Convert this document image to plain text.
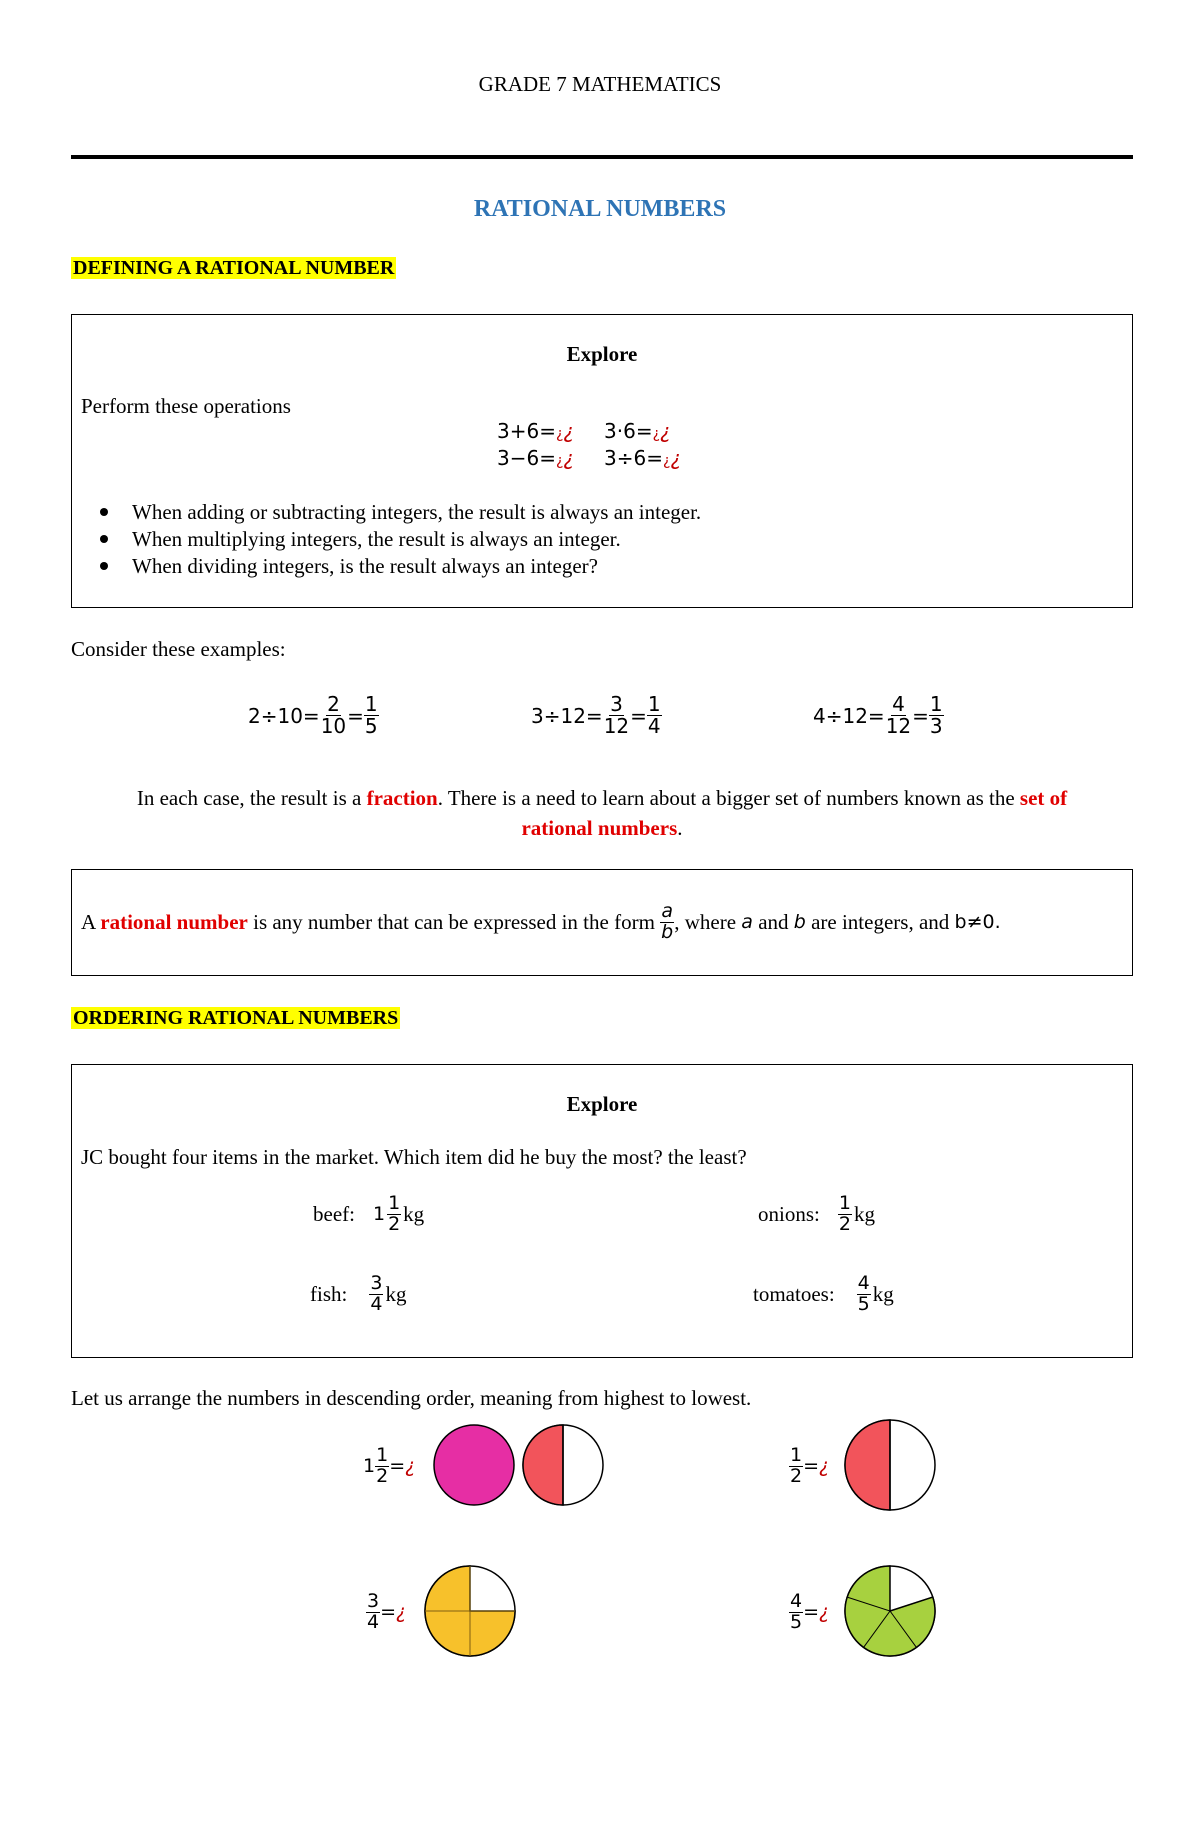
GRADE 7 MATHEMATICS
RATIONAL NUMBERS
DEFINING A RATIONAL NUMBER
Explore
Perform these operations
3+6=¿¿ 3·6=¿¿
3−6=¿¿ 3÷6=¿¿
When adding or subtracting integers, the result is always an integer.
When multiplying integers, the result is always an integer.
When dividing integers, is the result always an integer?
Consider these examples:
$2\div 10= \frac{2}{10} = \frac{1}{5}$	$3\div 12= \frac{3}{12} = \frac{1}{4}$	$4\div 12= \frac{4}{12} = \frac{1}{3}$
In each case, the result is a fraction. There is a need to learn about a bigger set of numbers known as the set of
rational numbers.
A rational number is any number that can be expressed in the form $\frac{a}{b}$ , where a and b are integers, and b≠0.
ORDERING RATIONAL NUMBERS
Explore
JC bought four items in the market. Which item did he buy the most? the least?
beef: $1 \frac{1}{2}$ kg	onions: $\frac{1}{2}$ kg
fish: $\frac{3}{4}$ kg	tomatoes: $\frac{4}{5}$ kg
Let us arrange the numbers in descending order, meaning from highest to lowest.
$1 \frac{1}{2}$ = ¿	$\frac{1}{2}$ = ¿
$\frac{3}{4}$ = ¿	$\frac{4}{5}$ = ¿
